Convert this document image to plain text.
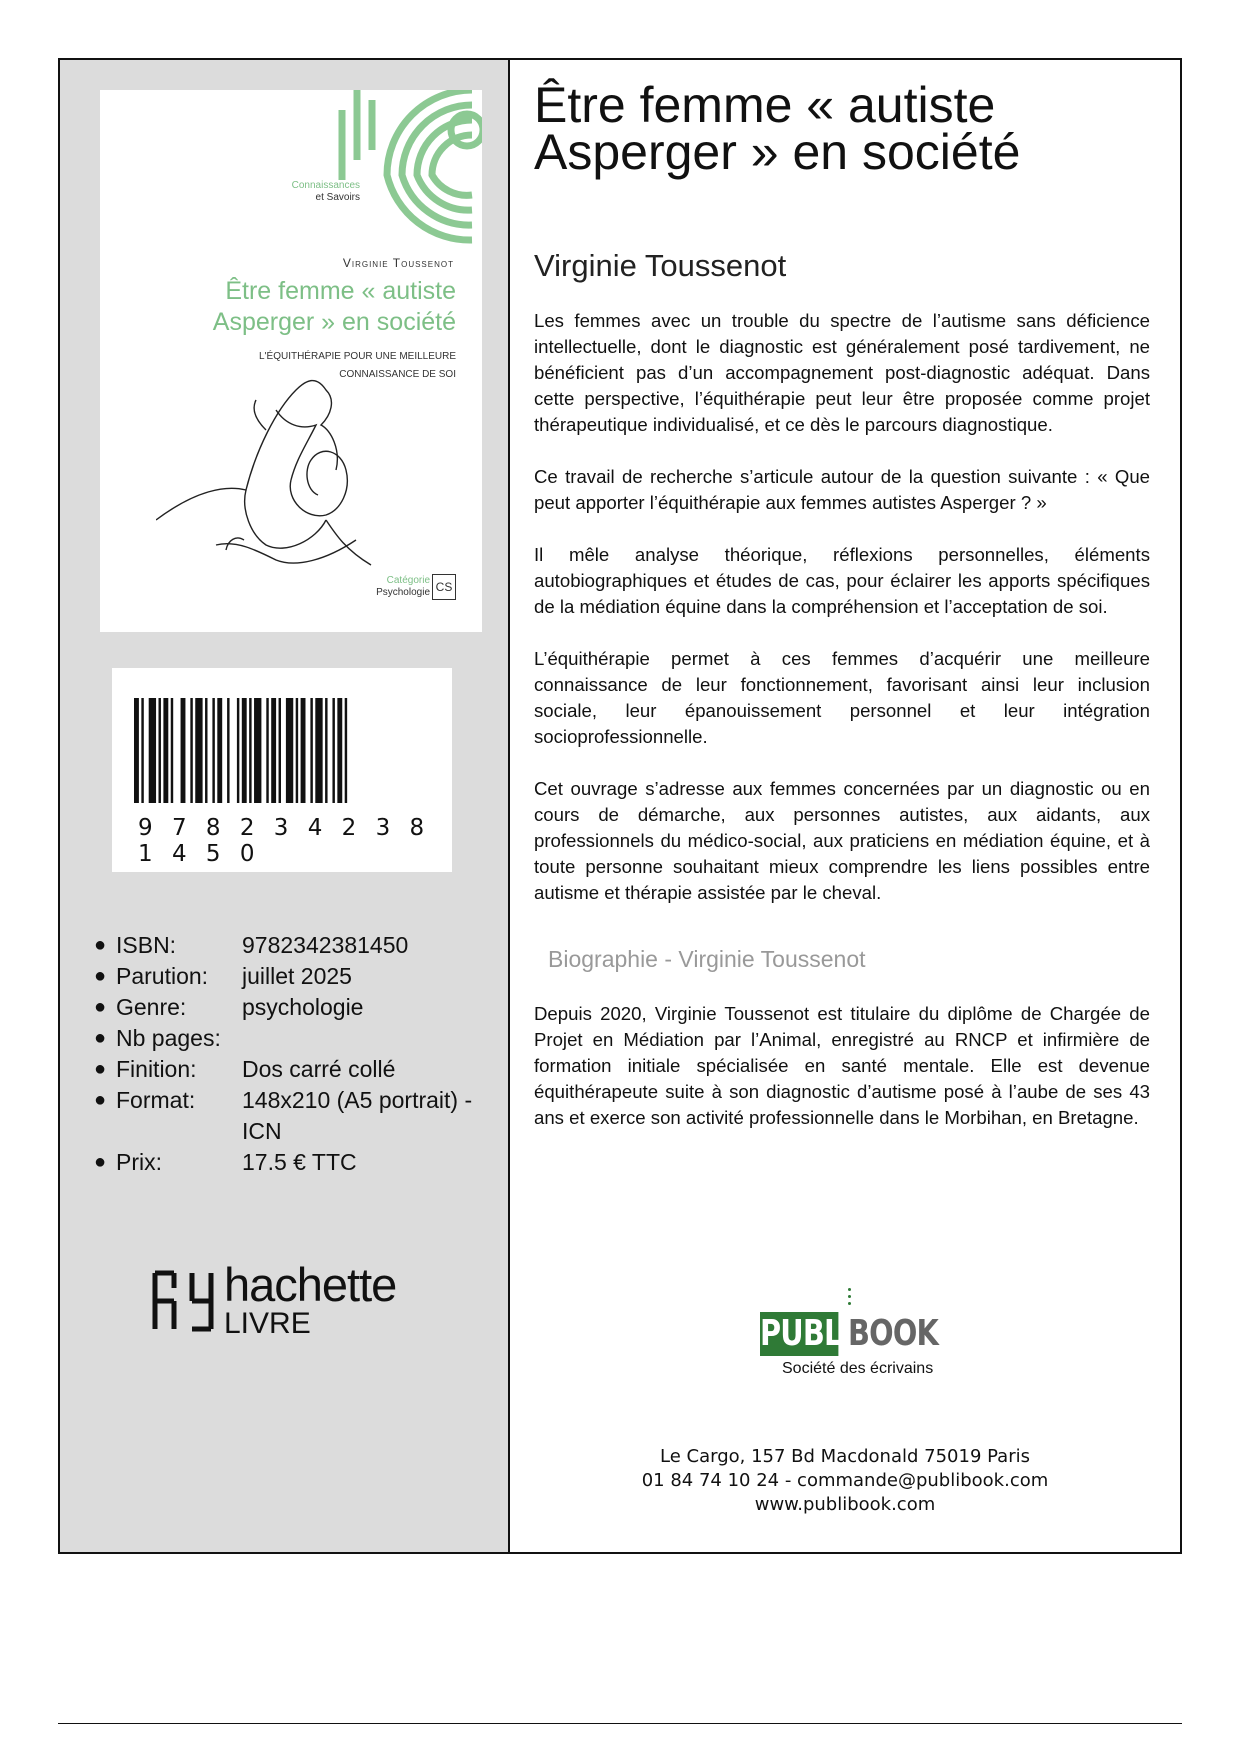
Connaissances
et Savoirs
Virginie Toussenot
Être femme « autiste Asperger » en société
L'ÉQUITHÉRAPIE POUR UNE MEILLEURE
CONNAISSANCE DE SOI
Catégorie
Psychologie CS
9 7 8 2 3 4 2 3 8 1 4 5 0
● ISBN:	9782342381450
● Parution:	juillet 2025
● Genre:	psychologie
● Nb pages:
● Finition:	Dos carré collé
● Format:	148x210 (A5 portrait) - ICN
● Prix:	17.5 € TTC
hachette
LIVRE
Être femme « autiste
Asperger » en société
Virginie Toussenot

Les femmes avec un trouble du spectre de l’autisme sans déficience intellectuelle, dont le diagnostic est généralement posé tardivement, ne bénéficient pas d’un accompagnement post-diagnostic adéquat. Dans cette perspective, l’équithérapie peut leur être proposée comme projet thérapeutique individualisé, et ce dès le parcours diagnostique.

Ce travail de recherche s’articule autour de la question suivante : « Que peut apporter l’équithérapie aux femmes autistes Asperger ? »

Il mêle analyse théorique, réflexions personnelles, éléments autobiographiques et études de cas, pour éclairer les apports spécifiques de la médiation équine dans la compréhension et l’acceptation de soi.

L’équithérapie permet à ces femmes d’acquérir une meilleure connaissance de leur fonctionnement, favorisant ainsi leur inclusion sociale, leur épanouissement personnel et leur intégration socioprofessionnelle.

Cet ouvrage s’adresse aux femmes concernées par un diagnostic ou en cours de démarche, aux personnes autistes, aux aidants, aux professionnels du médico-social, aux praticiens en médiation équine, et à toute personne souhaitant mieux comprendre les liens possibles entre autisme et thérapie assistée par le cheval.

Biographie - Virginie Toussenot

Depuis 2020, Virginie Toussenot est titulaire du diplôme de Chargée de Projet en Médiation par l’Animal, enregistré au RNCP et infirmière de formation initiale spécialisée en santé mentale. Elle est devenue équithérapeute suite à son diagnostic d’autisme posé à l’aube de ses 43 ans et exerce son activité professionnelle dans le Morbihan, en Bretagne.

PUBLI
BOOK
Société des écrivains
Le Cargo, 157 Bd Macdonald 75019 Paris
01 84 74 10 24 - commande@publibook.com
www.publibook.com
